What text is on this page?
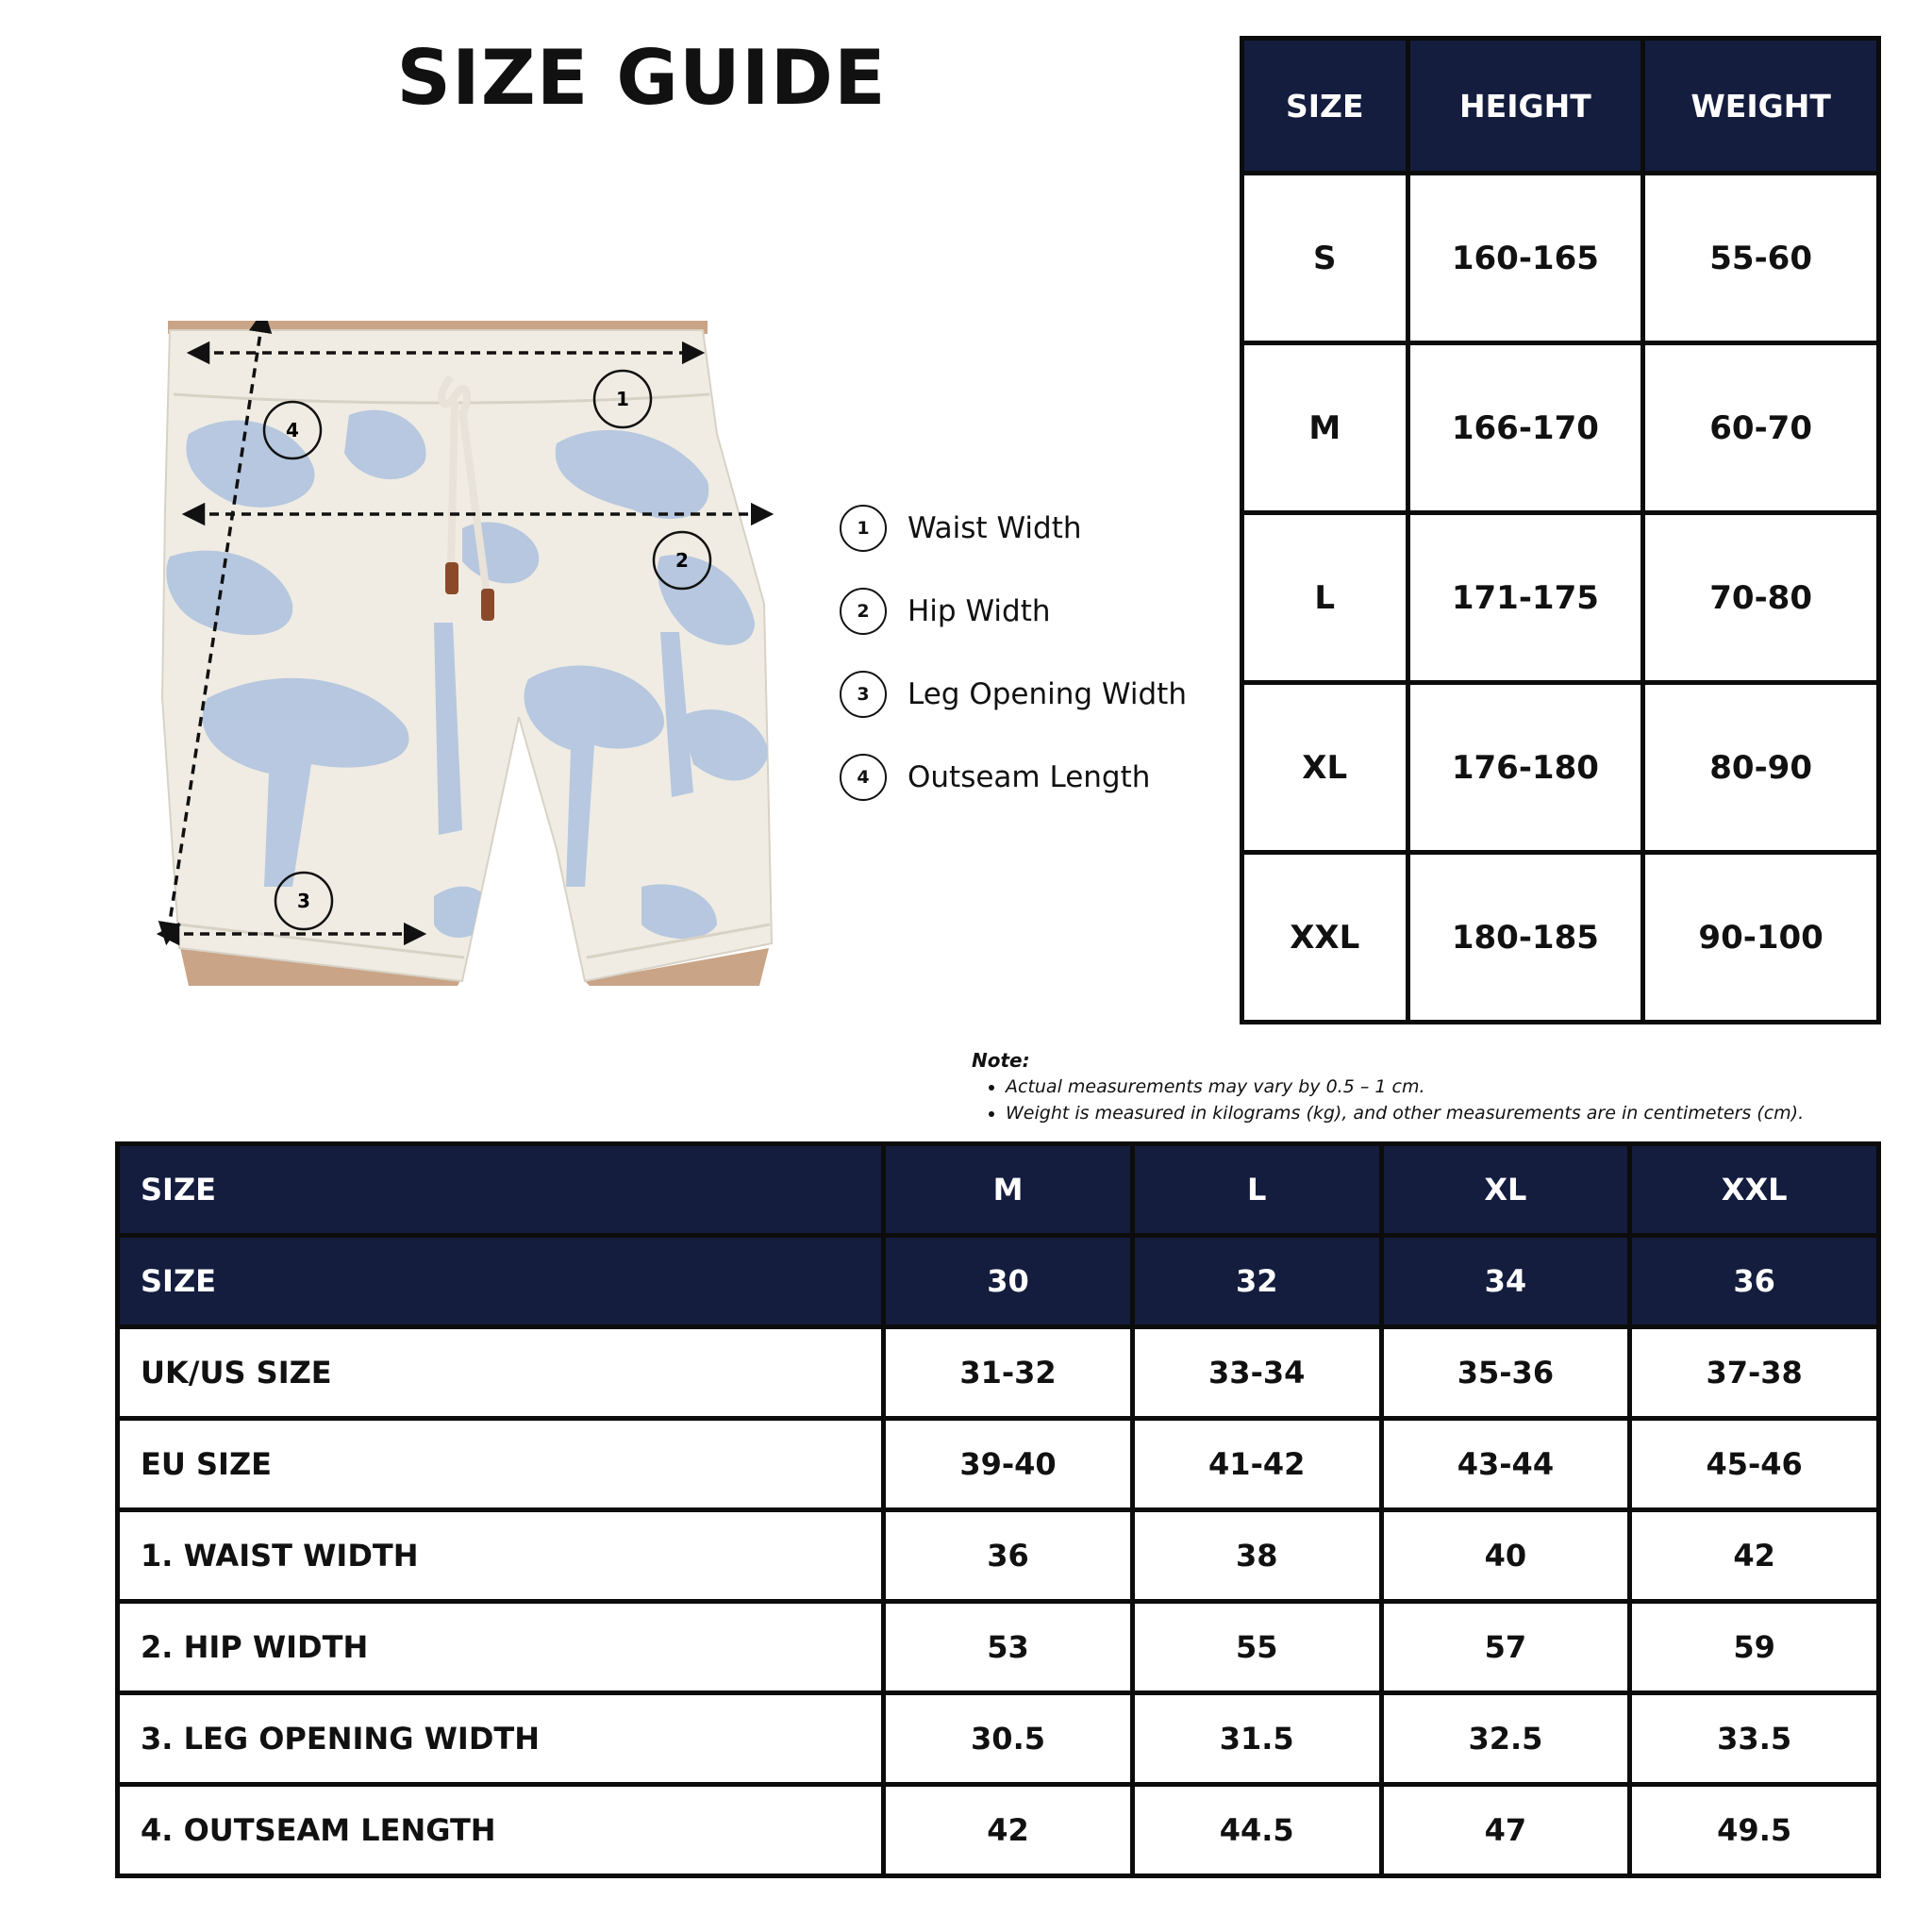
SIZE GUIDE
1
2
3
4
1	Waist Width
2	Hip Width
3	Leg Opening Width
4	Outseam Length
SIZE	HEIGHT	WEIGHT
S	160-165	55-60
M	166-170	60-70
L	171-175	70-80
XL	176-180	80-90
XXL	180-185	90-100
Note:
• Actual measurements may vary by 0.5 – 1 cm.
• Weight is measured in kilograms (kg), and other measurements are in centimeters (cm).
SIZE	M	L	XL	XXL
SIZE	30	32	34	36
UK/US SIZE	31-32	33-34	35-36	37-38
EU SIZE	39-40	41-42	43-44	45-46
1. WAIST WIDTH	36	38	40	42
2. HIP WIDTH	53	55	57	59
3. LEG OPENING WIDTH	30.5	31.5	32.5	33.5
4. OUTSEAM LENGTH	42	44.5	47	49.5
